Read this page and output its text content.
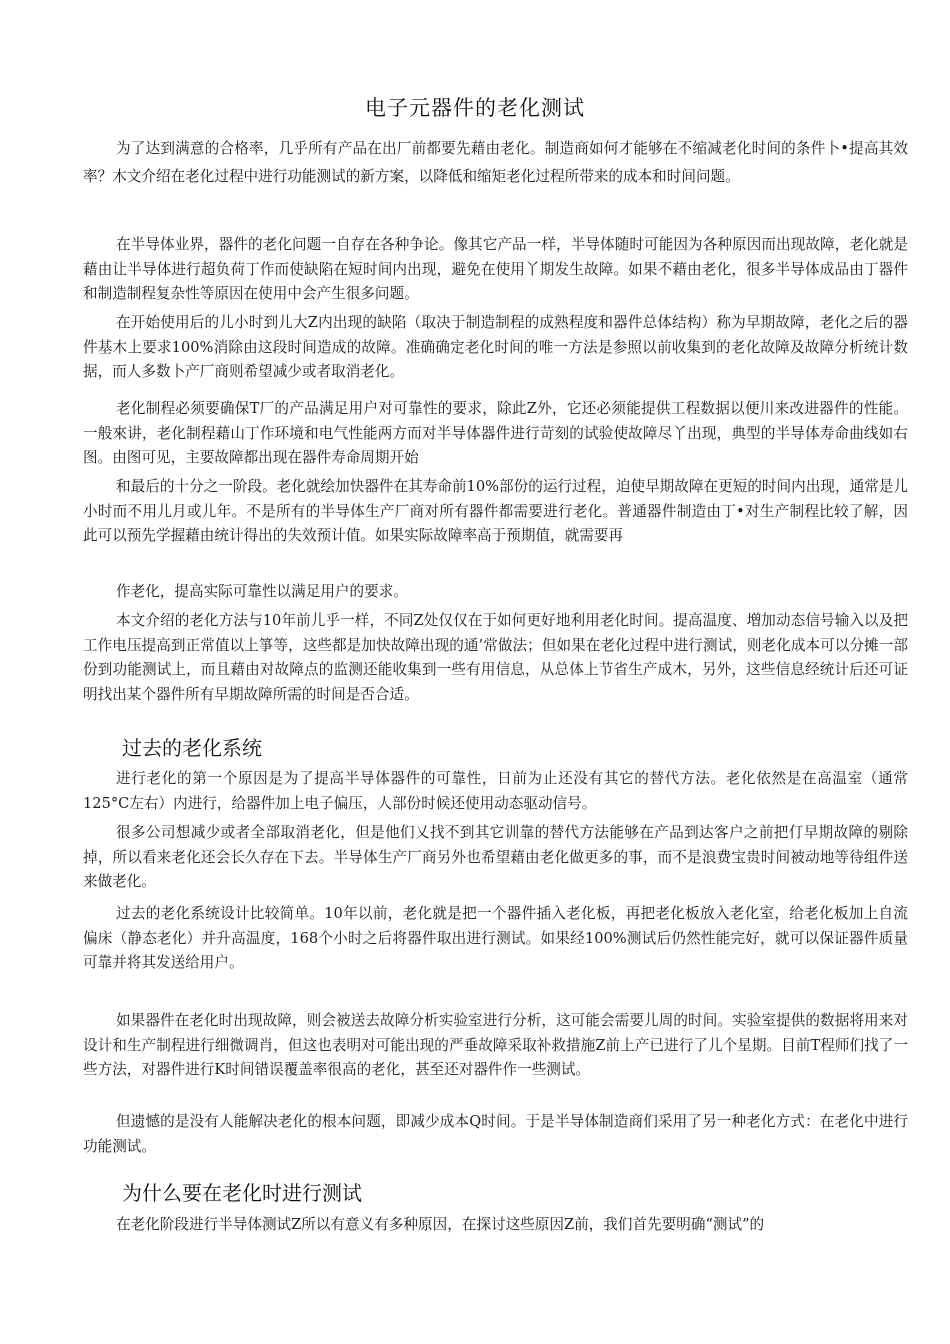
电子元器件的老化测试

为了达到满意的合格率，几乎所有产品在出厂前都要先藉由老化。制造商如何才能够在不缩减老化时间的条件卜•提高其效率？木文介绍在老化过程中进行功能测试的新方案，以降低和缩矩老化过程所带来的成本和时间问题。

在半导体业界，器件的老化问题一自存在各种争论。像其它产品一样，半导体随时可能因为各种原因而出现故障，老化就是藉由让半导体进行超负荷丁作而使缺陷在短时间内出现，避免在使用丫期发生故障。如果不藉由老化，很多半导体成品由丁器件和制造制程复杂性等原因在使用中会产生很多问题。

在开始使用后的儿小时到儿大Z内出现的缺陷（取决于制造制程的成熟程度和器件总体结构）称为早期故障，老化之后的器件基木上要求100%消除由这段时间造成的故障。准确确定老化时间的唯一方法是参照以前收集到的老化故障及故障分析统计数据，而人多数卜产厂商则希望减少或者取消老化。

老化制程必须要确保T厂的产品满足用户对可靠性的要求，除此Z外，它还必须能提供工程数据以便川来改进器件的性能。一般來讲，老化制程藉山丁作环境和电气性能两方而对半导体器件进行苛刻的试验使故障尽丫出现，典型的半导体寿命曲线如右图。由图可见，主要故障都出现在器件寿命周期开始

和最后的十分之一阶段。老化就绘加快器件在其寿命前10%部份的运行过程，迫使早期故障在更短的时间内出现，通常是儿小时而不用儿月或儿年。不是所有的半导体生产厂商对所有器件都需要进行老化。普通器件制造由丁•对生产制程比较了解，因此可以预先学握藉由统计得出的失效预计值。如果实际故障率高于预期值，就需要再

作老化，提高实际可靠性以满足用户的要求。

本文介绍的老化方法与10年前儿乎一样，不同Z处仅仅在于如何更好地利用老化时间。提高温度、増加动态信号输入以及把工作电压提高到正常值以上箏等，这些都是加快故障出现的通’常做法；但如果在老化过程中进行测试，则老化成本可以分摊一部份到功能测试上，而且藉由对故障点的监测还能收集到一些有用信息，从总体上节省生产成木，另外，这些信息经统计后还可证明找出某个器件所有早期故障所需的时间是否合适。

过去的老化系统

进行老化的第一个原因是为了提高半导体器件的可靠性，日前为止还没有其它的替代方法。老化依然是在高温室（通常125°C左右）内进行，给器件加上电子偏压，人部份时候还使用动态驱动信号。

很多公司想减少或者全部取消老化，但是他们乂找不到其它训靠的替代方法能够在产品到达客户之前把仃早期故障的剔除掉，所以看来老化还会长久存在下去。半导体生产厂商另外也希望藉由老化做更多的事，而不是浪费宝贵时间被动地等待组件送来做老化。

过去的老化系统设计比较简单。10年以前，老化就是把一个器件插入老化板，再把老化板放入老化室，给老化板加上自流偏床（静态老化）并升高温度，168个小时之后将器件取出进行测试。如果经100%测试后仍然性能完好，就可以保证器件质量可靠并将其发送给用户。

如果器件在老化时出现故障，则会被送去故障分析实验室进行分析，这可能会需要儿周的时间。实验室提供的数据将用来对设计和生产制程进行细微调肖，但这也表明对可能出现的严垂故障采取补救措施Z前上产已进行了儿个星期。目前T程师们找了一些方法，对器件进行K时间错误覆盖率很高的老化，甚至还对器件作一些测试。

但遗憾的是没有人能解决老化的根本问题，即减少成本Q时间。于是半导体制造商们采用了另一种老化方式：在老化中进行功能测试。

为什么要在老化时进行测试

在老化阶段进行半导体测试Z所以有意义有多种原因，在探讨这些原因Z前，我们首先要明确“测试”的
